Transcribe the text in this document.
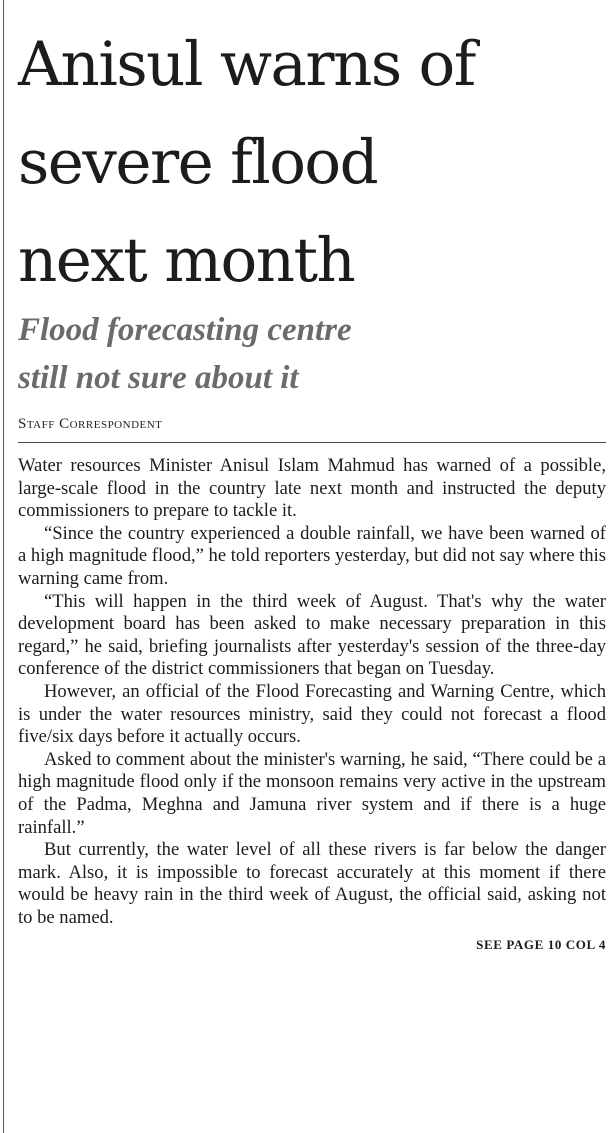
Anisul warns of
severe flood
next month
Flood forecasting centre
still not sure about it
Staff Correspondent

Water resources Minister Anisul Islam Mahmud has warned of a possible, large-scale flood in the country late next month and instructed the deputy commissioners to prepare to tackle it.

“Since the country experienced a double rainfall, we have been warned of a high magnitude flood,” he told reporters yesterday, but did not say where this warning came from.

“This will happen in the third week of August. That's why the water development board has been asked to make necessary preparation in this regard,” he said, briefing journalists after yesterday's session of the three-day conference of the district commissioners that began on Tuesday.

However, an official of the Flood Forecasting and Warning Centre, which is under the water resources ministry, said they could not forecast a flood five/six days before it actually occurs.

Asked to comment about the minister's warning, he said, “There could be a high magnitude flood only if the monsoon remains very active in the upstream of the Padma, Meghna and Jamuna river system and if there is a huge rainfall.”

But currently, the water level of all these rivers is far below the danger mark. Also, it is impossible to forecast accurately at this moment if there would be heavy rain in the third week of August, the official said, asking not to be named.

SEE PAGE 10 COL 4
